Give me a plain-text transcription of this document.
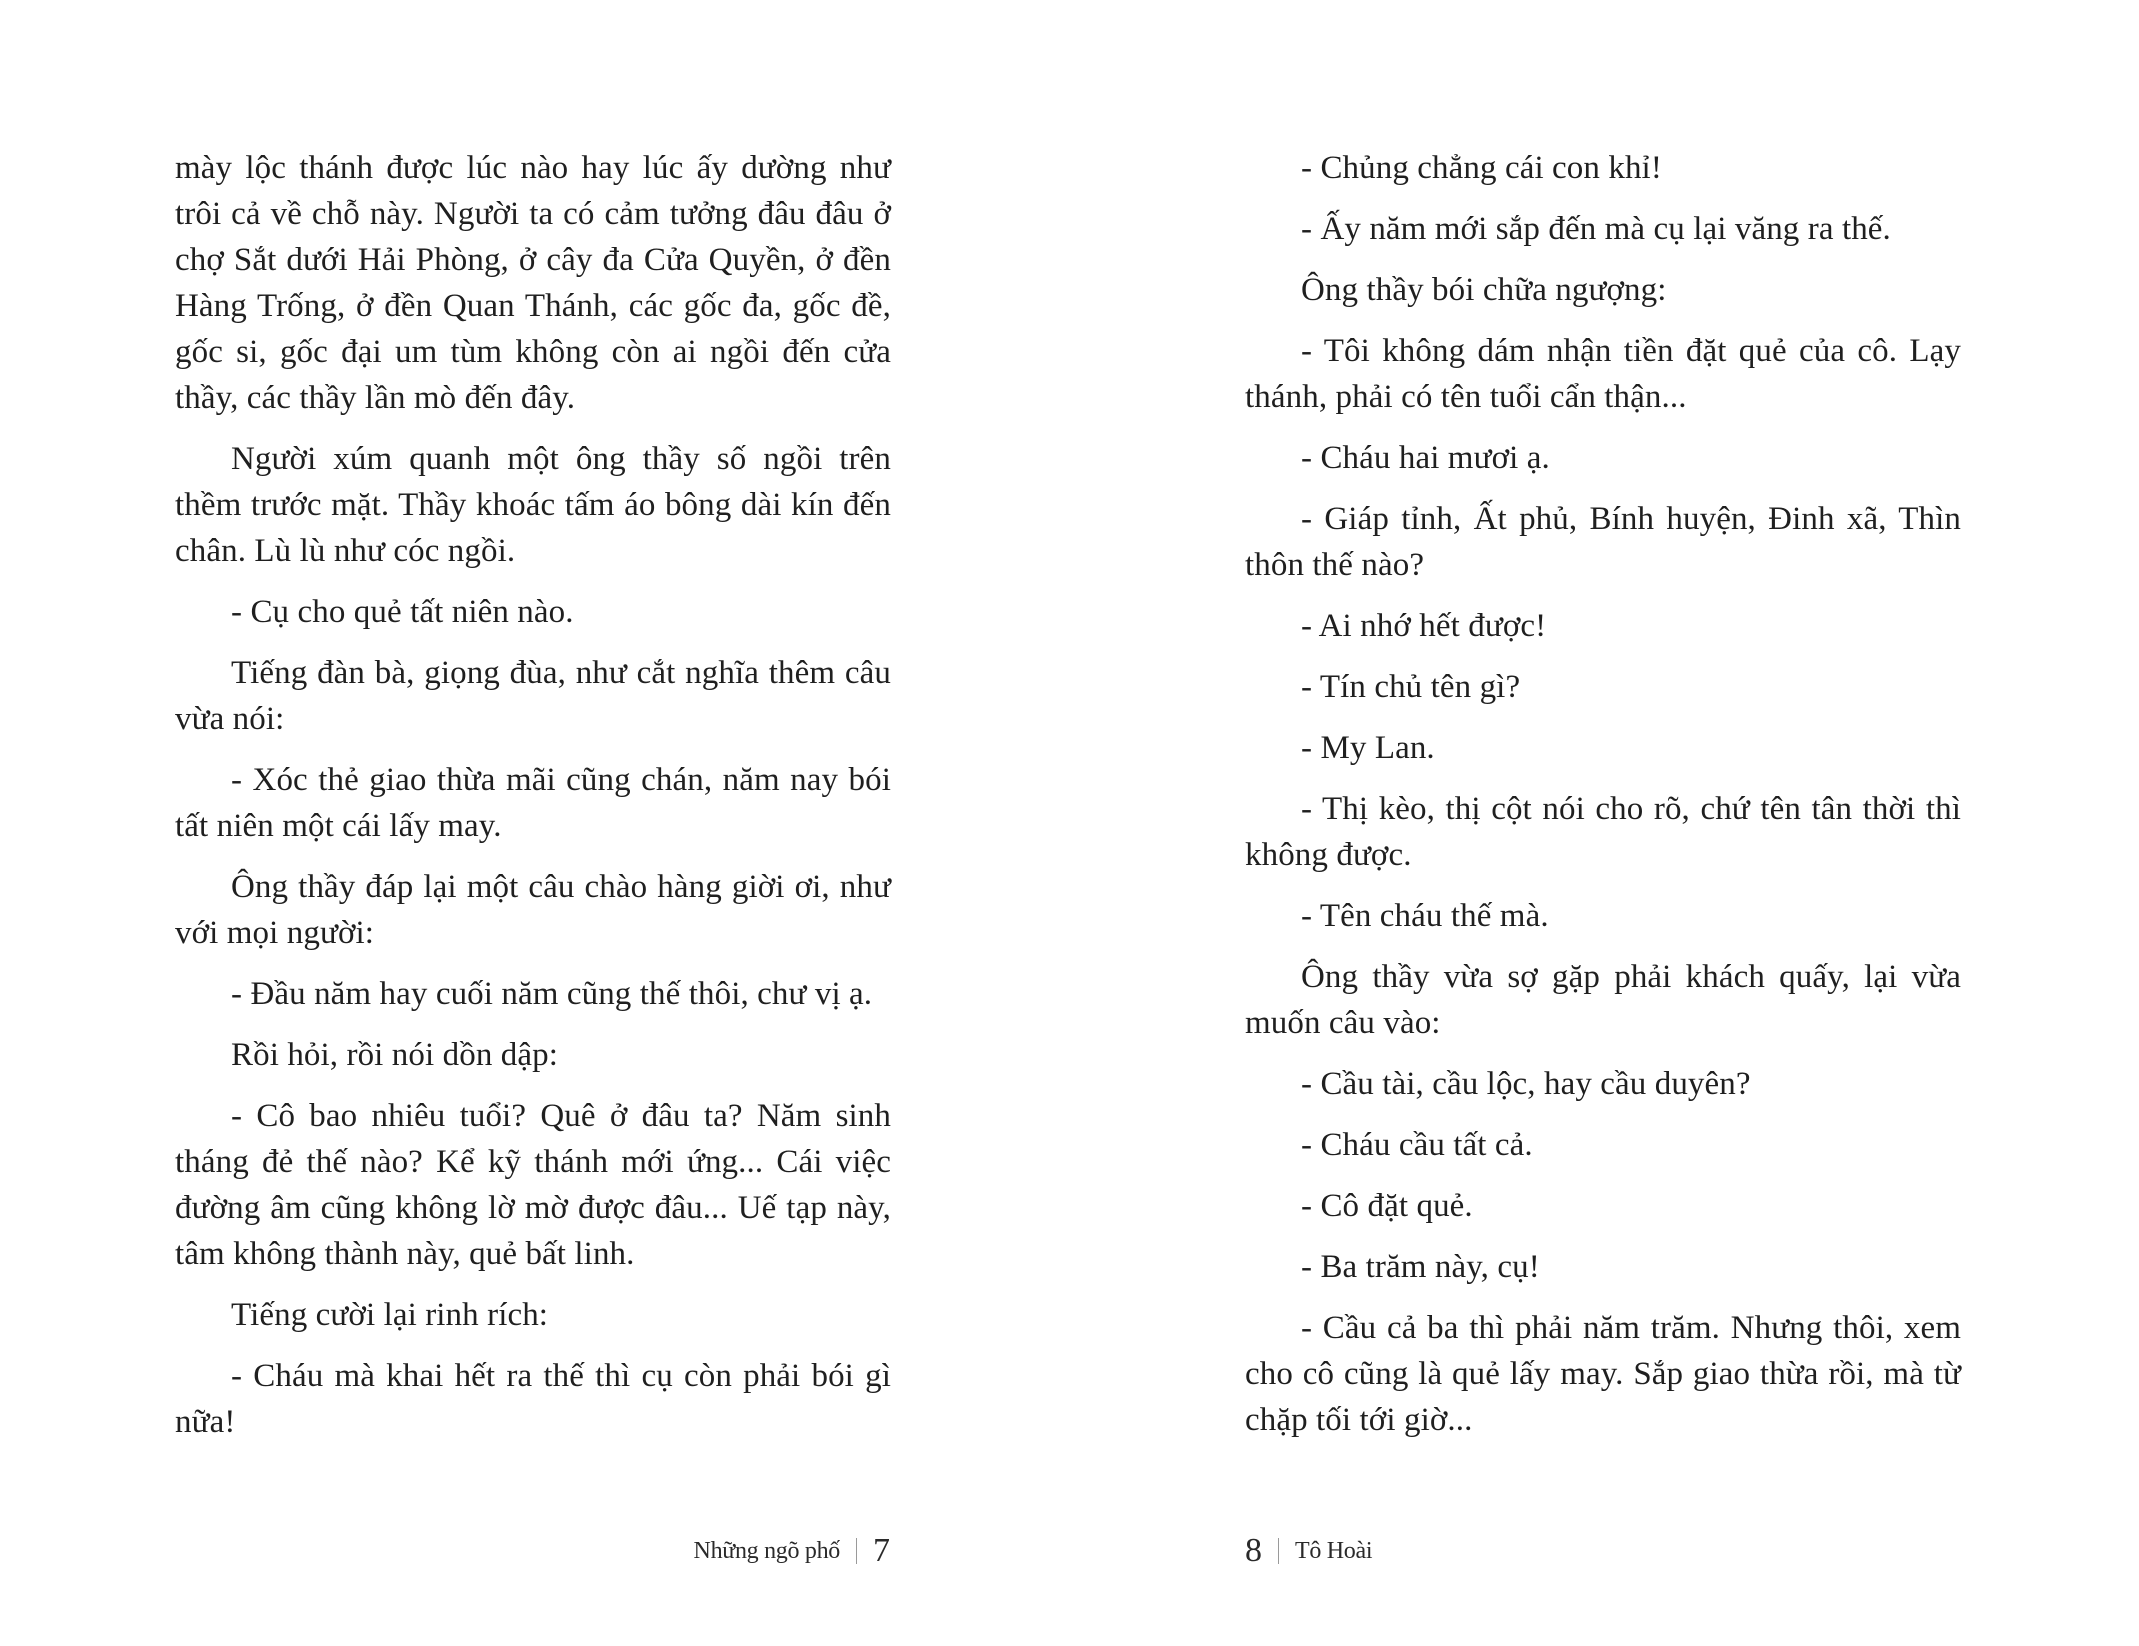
mày lộc thánh được lúc nào hay lúc ấy dường như trôi cả về chỗ này. Người ta có cảm tưởng đâu đâu ở chợ Sắt dưới Hải Phòng, ở cây đa Cửa Quyền, ở đền Hàng Trống, ở đền Quan Thánh, các gốc đa, gốc đề, gốc si, gốc đại um tùm không còn ai ngồi đến cửa thầy, các thầy lần mò đến đây.

Người xúm quanh một ông thầy số ngồi trên thềm trước mặt. Thầy khoác tấm áo bông dài kín đến chân. Lù lù như cóc ngồi.

- Cụ cho quẻ tất niên nào.

Tiếng đàn bà, giọng đùa, như cắt nghĩa thêm câu vừa nói:

- Xóc thẻ giao thừa mãi cũng chán, năm nay bói tất niên một cái lấy may.

Ông thầy đáp lại một câu chào hàng giời ơi, như với mọi người:

- Đầu năm hay cuối năm cũng thế thôi, chư vị ạ.

Rồi hỏi, rồi nói dồn dập:

- Cô bao nhiêu tuổi? Quê ở đâu ta? Năm sinh tháng đẻ thế nào? Kể kỹ thánh mới ứng... Cái việc đường âm cũng không lờ mờ được đâu... Uế tạp này, tâm không thành này, quẻ bất linh.

Tiếng cười lại rinh rích:

- Cháu mà khai hết ra thế thì cụ còn phải bói gì nữa!

Những ngõ phố 7

- Chủng chẳng cái con khỉ!

- Ấy năm mới sắp đến mà cụ lại văng ra thế.

Ông thầy bói chữa ngượng:

- Tôi không dám nhận tiền đặt quẻ của cô. Lạy thánh, phải có tên tuổi cẩn thận...

- Cháu hai mươi ạ.

- Giáp tỉnh, Ất phủ, Bính huyện, Đinh xã, Thìn thôn thế nào?

- Ai nhớ hết được!

- Tín chủ tên gì?

- My Lan.

- Thị kèo, thị cột nói cho rõ, chứ tên tân thời thì không được.

- Tên cháu thế mà.

Ông thầy vừa sợ gặp phải khách quấy, lại vừa muốn câu vào:

- Cầu tài, cầu lộc, hay cầu duyên?

- Cháu cầu tất cả.

- Cô đặt quẻ.

- Ba trăm này, cụ!

- Cầu cả ba thì phải năm trăm. Nhưng thôi, xem cho cô cũng là quẻ lấy may. Sắp giao thừa rồi, mà từ chặp tối tới giờ...

8 Tô Hoài
